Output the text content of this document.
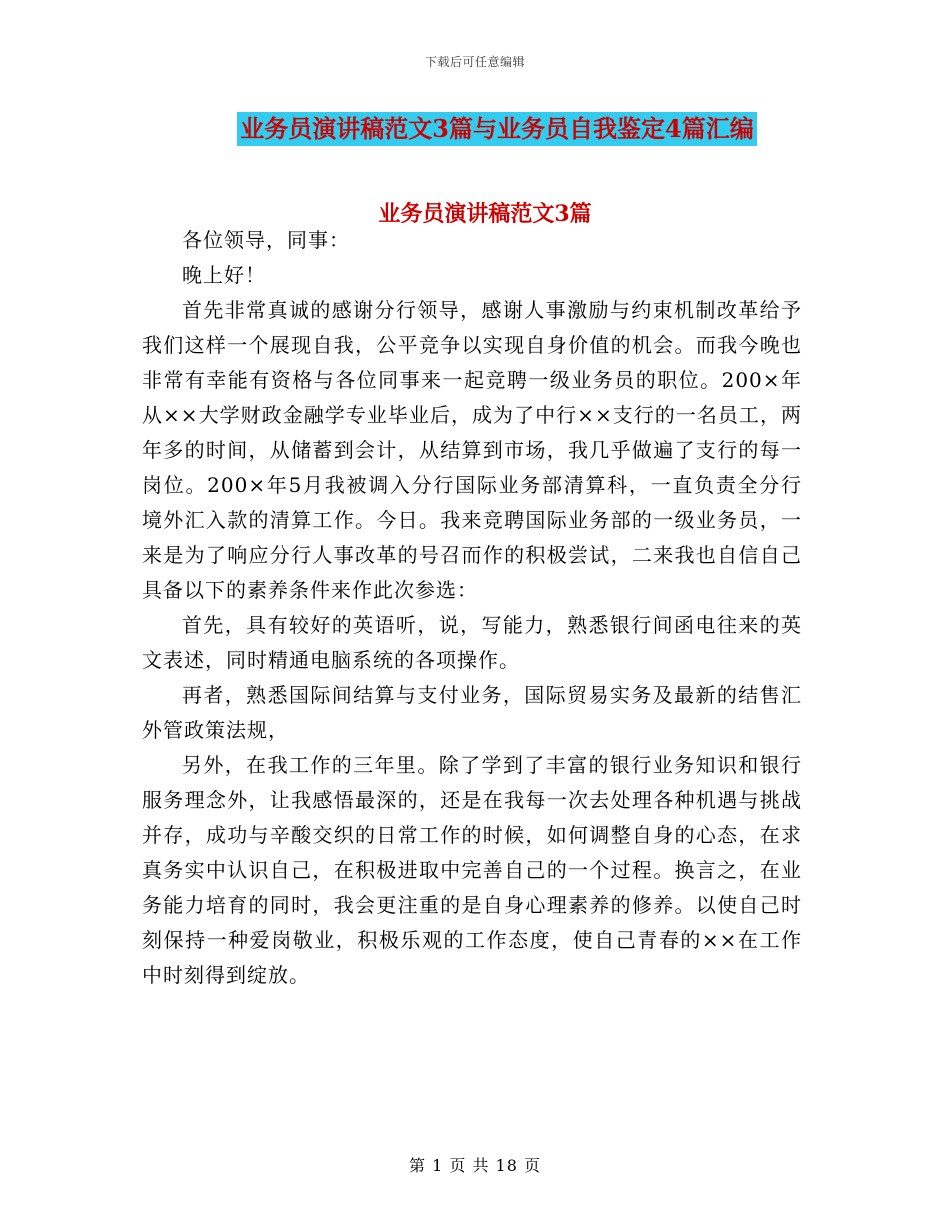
下载后可任意编辑
业务员演讲稿范文3篇与业务员自我鉴定4篇汇编
业务员演讲稿范文3篇

各位领导，同事：

晚上好！

首先非常真诚的感谢分行领导，感谢人事激励与约束机制改革给予我们这样一个展现自我，公平竞争以实现自身价值的机会。而我今晚也非常有幸能有资格与各位同事来一起竞聘一级业务员的职位。200×年从××大学财政金融学专业毕业后，成为了中行××支行的一名员工，两年多的时间，从储蓄到会计，从结算到市场，我几乎做遍了支行的每一岗位。200×年5月我被调入分行国际业务部清算科，一直负责全分行境外汇入款的清算工作。今日。我来竞聘国际业务部的一级业务员，一来是为了响应分行人事改革的号召而作的积极尝试，二来我也自信自己具备以下的素养条件来作此次参选：

首先，具有较好的英语听，说，写能力，熟悉银行间函电往来的英文表述，同时精通电脑系统的各项操作。

再者，熟悉国际间结算与支付业务，国际贸易实务及最新的结售汇外管政策法规，

另外，在我工作的三年里。除了学到了丰富的银行业务知识和银行服务理念外，让我感悟最深的，还是在我每一次去处理各种机遇与挑战并存，成功与辛酸交织的日常工作的时候，如何调整自身的心态，在求真务实中认识自己，在积极进取中完善自己的一个过程。换言之，在业务能力培育的同时，我会更注重的是自身心理素养的修养。以使自己时刻保持一种爱岗敬业，积极乐观的工作态度，使自己青春的××在工作中时刻得到绽放。

第 1 页 共 18 页
